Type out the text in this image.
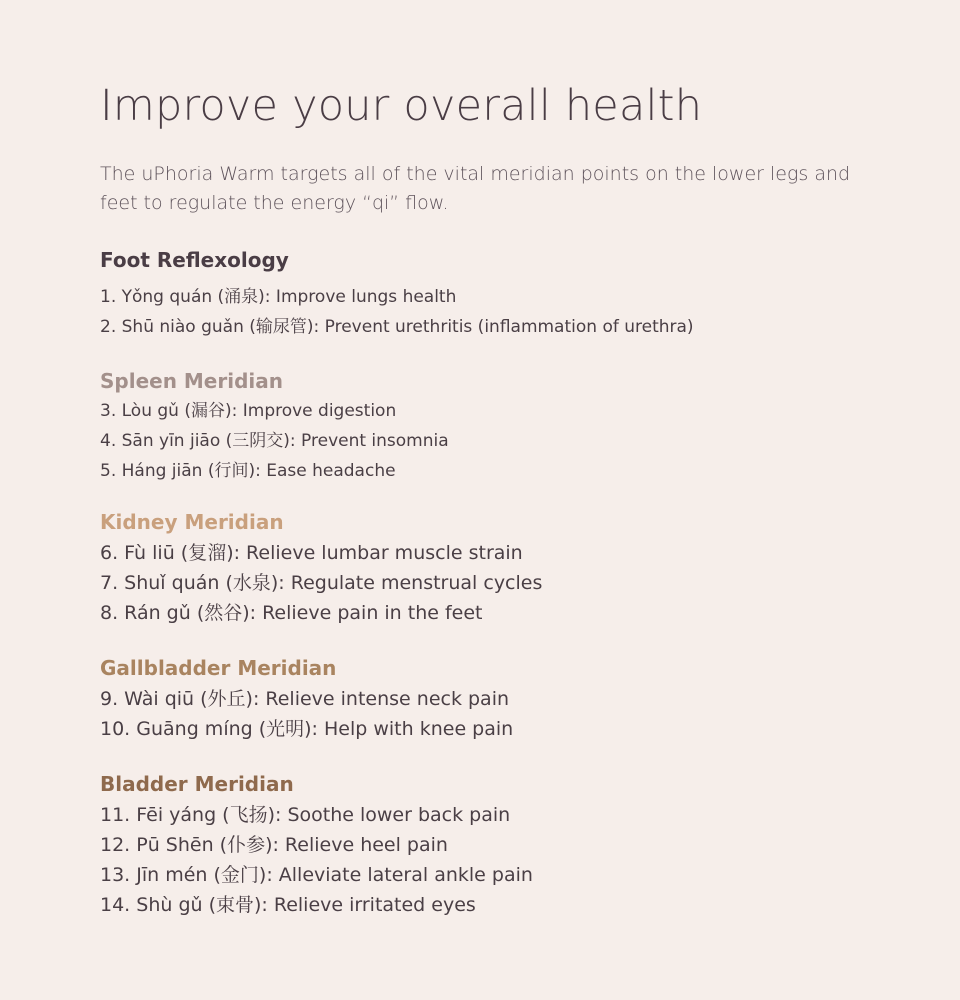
Improve your overall health

The uPhoria Warm targets all of the vital meridian points on the lower legs and feet to regulate the energy “qi” flow.

Foot Reflexology
1. Yǒng quán (涌泉): Improve lungs health
2. Shū niào guǎn (输尿管): Prevent urethritis (inflammation of urethra)
Spleen Meridian
3. Lòu gǔ (漏谷): Improve digestion
4. Sān yīn jiāo (三阴交): Prevent insomnia
5. Háng jiān (行间): Ease headache
Kidney Meridian
6. Fù liū (复溜): Relieve lumbar muscle strain
7. Shuǐ quán (水泉): Regulate menstrual cycles
8. Rán gǔ (然谷): Relieve pain in the feet
Gallbladder Meridian
9. Wài qiū (外丘): Relieve intense neck pain
10. Guāng míng (光明): Help with knee pain
Bladder Meridian
11. Fēi yáng (飞扬): Soothe lower back pain
12. Pū Shēn (仆参): Relieve heel pain
13. Jīn mén (金门): Alleviate lateral ankle pain
14. Shù gǔ (束骨): Relieve irritated eyes
